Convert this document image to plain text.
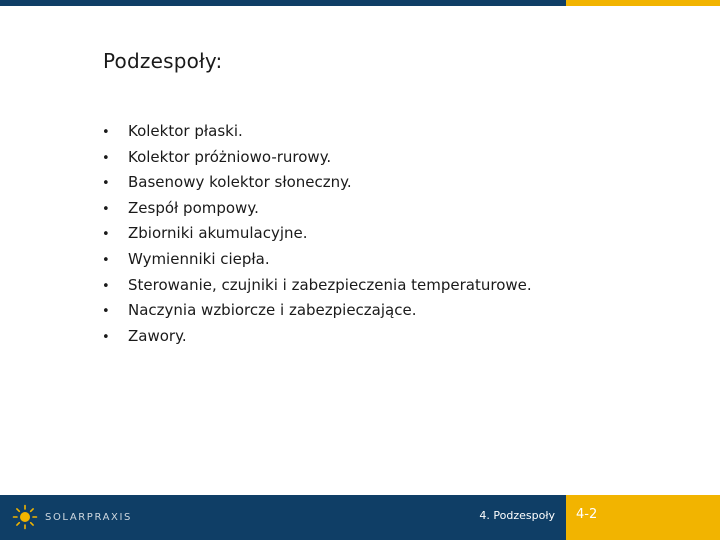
Podzespoły:
•	Kolektor płaski.
•	Kolektor próżniowo-rurowy.
•	Basenowy kolektor słoneczny.
•	Zespół pompowy.
•	Zbiorniki akumulacyjne.
•	Wymienniki ciepła.
•	Sterowanie, czujniki i zabezpieczenia temperaturowe.
•	Naczynia wzbiorcze i zabezpieczające.
•	Zawory.
SOLARPRAXIS	4. Podzespoły 4-2
